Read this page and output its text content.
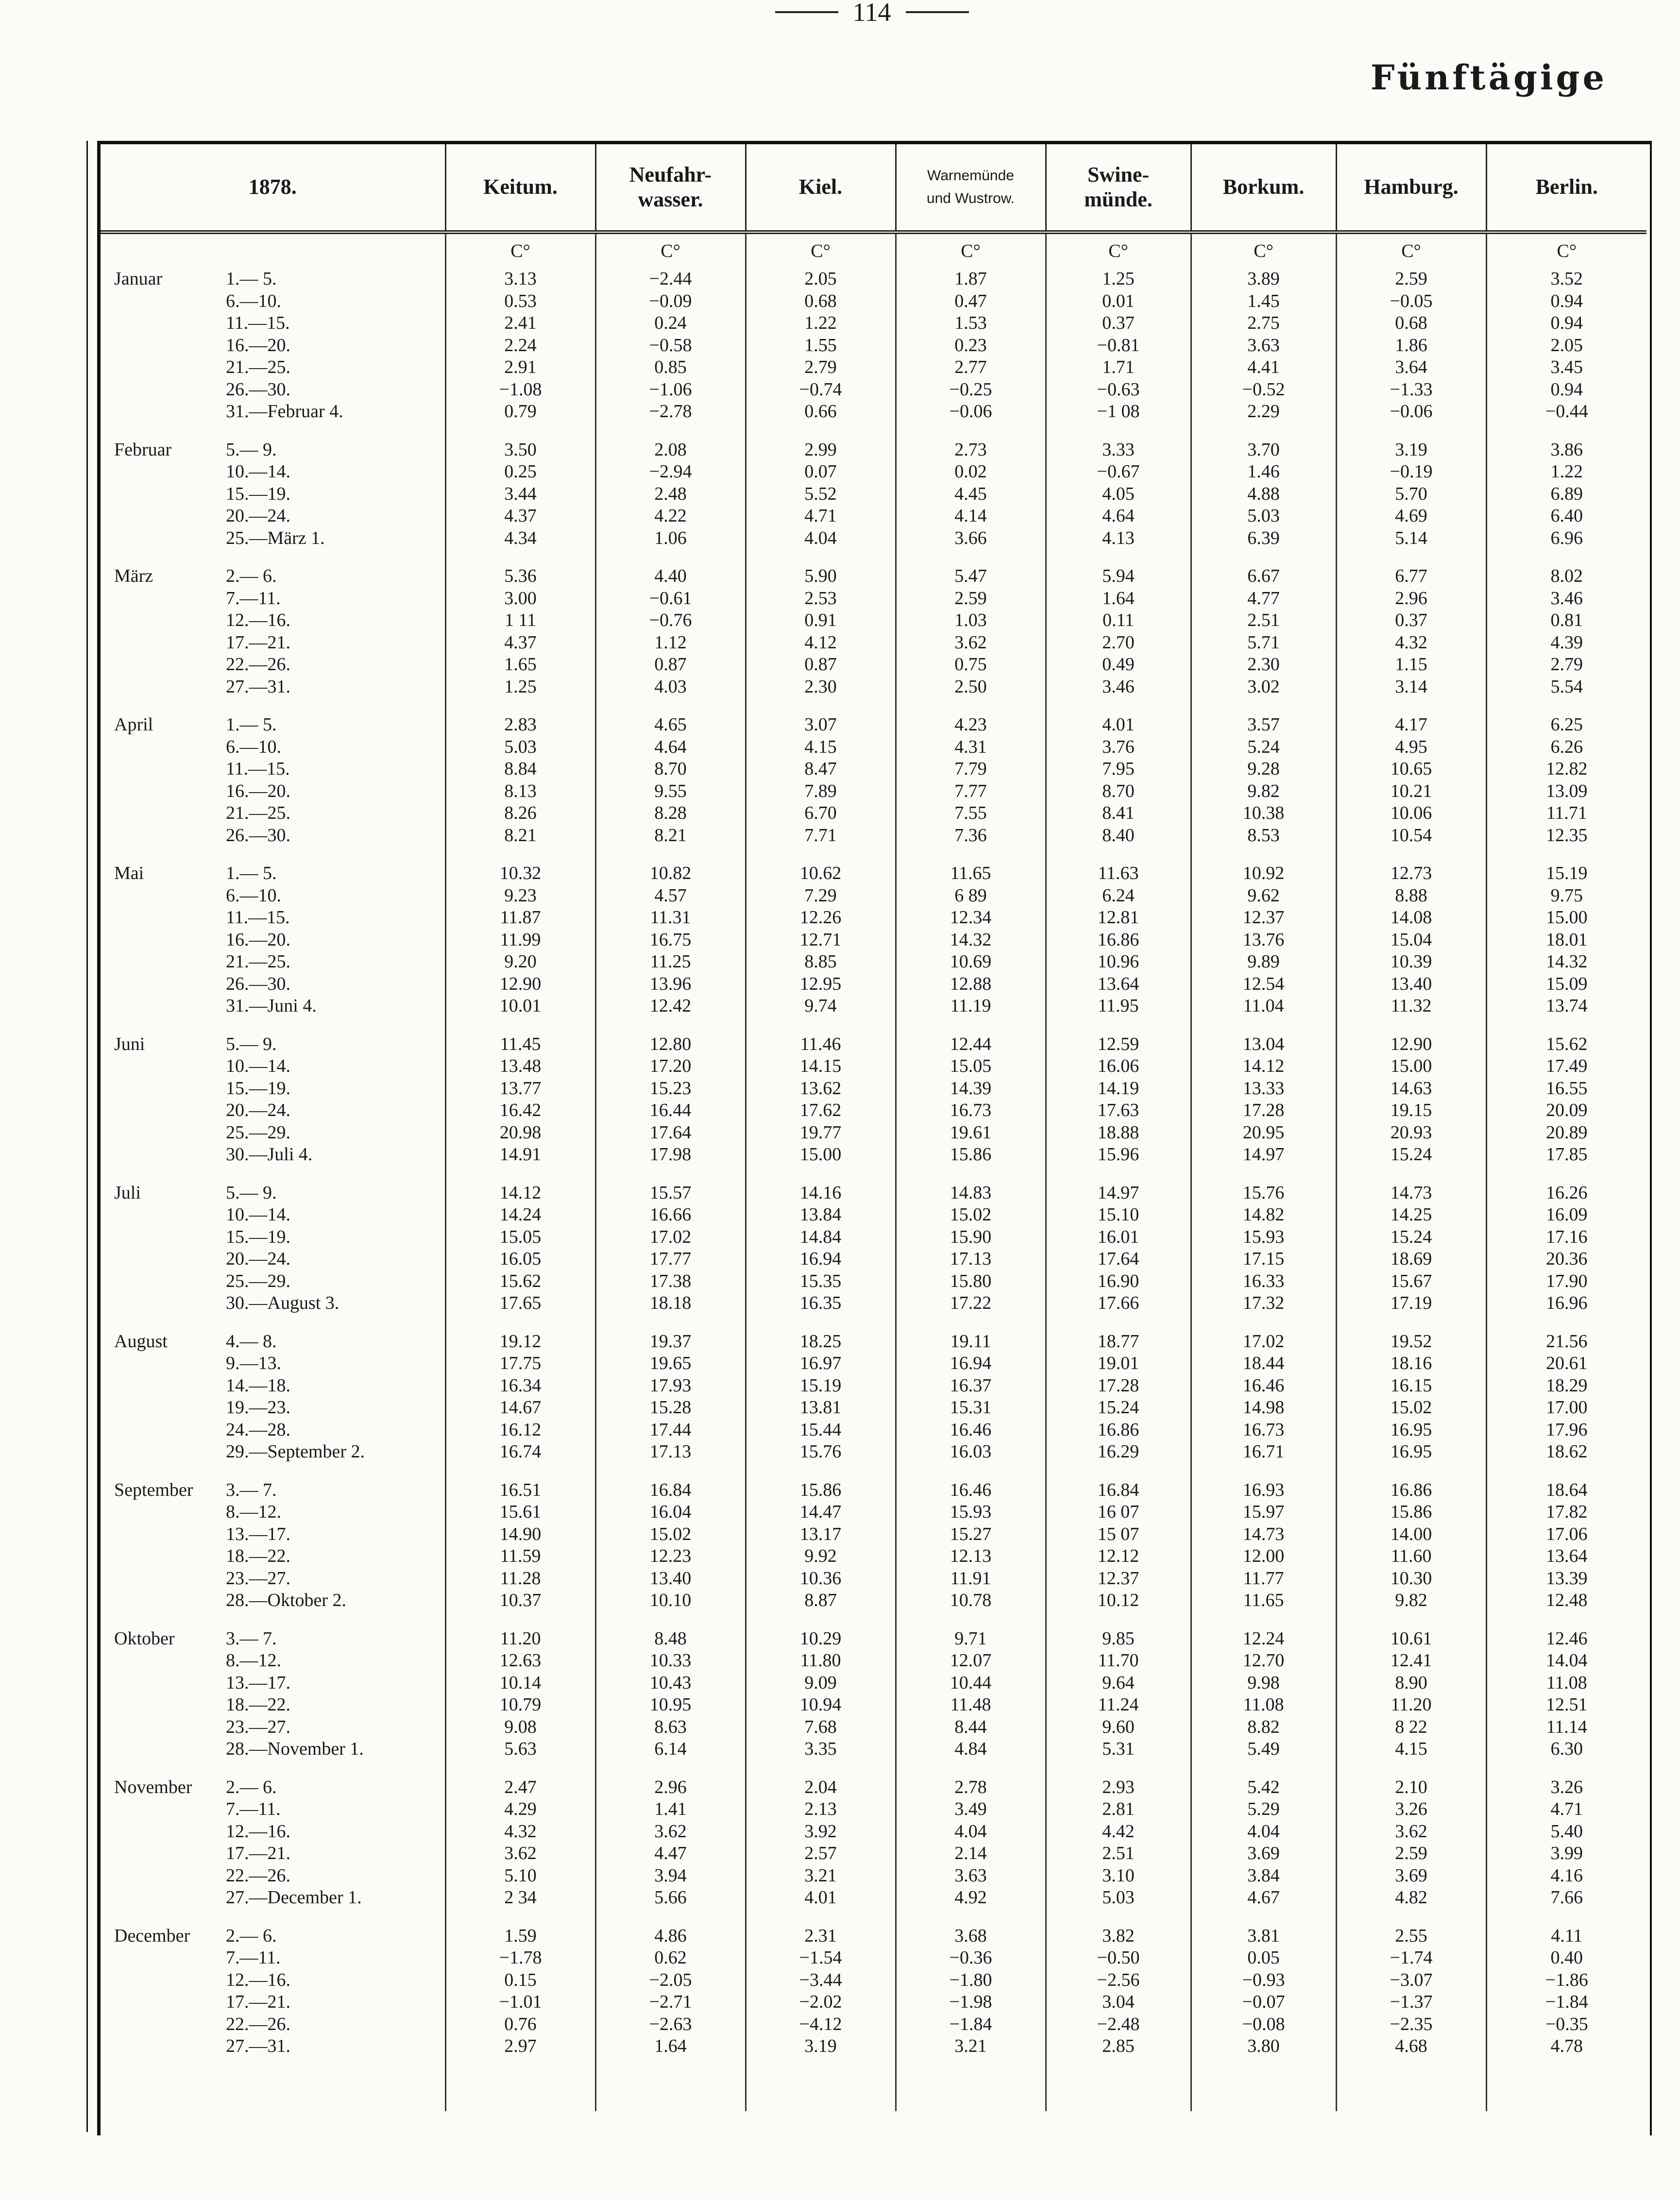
114
Fünftägige
1878.	Keitum.	Neufahr-
wasser.	Kiel.	Warnemünde
und Wustrow.	Swine-
münde.	Borkum.	Hamburg.	Berlin.
	C°	C°	C°	C°	C°	C°	C°	C°
Januar 1.— 5.	3.13	−2.44	2.05	1.87	1.25	3.89	2.59	3.52
6.—10.	0.53	−0.09	0.68	0.47	0.01	1.45	−0.05	0.94
11.—15.	2.41	0.24	1.22	1.53	0.37	2.75	0.68	0.94
16.—20.	2.24	−0.58	1.55	0.23	−0.81	3.63	1.86	2.05
21.—25.	2.91	0.85	2.79	2.77	1.71	4.41	3.64	3.45
26.—30.	−1.08	−1.06	−0.74	−0.25	−0.63	−0.52	−1.33	0.94
31.—Februar 4.	0.79	−2.78	0.66	−0.06	−1 08	2.29	−0.06	−0.44

Februar 5.— 9.	3.50	2.08	2.99	2.73	3.33	3.70	3.19	3.86
10.—14.	0.25	−2.94	0.07	0.02	−0.67	1.46	−0.19	1.22
15.—19.	3.44	2.48	5.52	4.45	4.05	4.88	5.70	6.89
20.—24.	4.37	4.22	4.71	4.14	4.64	5.03	4.69	6.40
25.—März 1.	4.34	1.06	4.04	3.66	4.13	6.39	5.14	6.96

März 2.— 6.	5.36	4.40	5.90	5.47	5.94	6.67	6.77	8.02
7.—11.	3.00	−0.61	2.53	2.59	1.64	4.77	2.96	3.46
12.—16.	1 11	−0.76	0.91	1.03	0.11	2.51	0.37	0.81
17.—21.	4.37	1.12	4.12	3.62	2.70	5.71	4.32	4.39
22.—26.	1.65	0.87	0.87	0.75	0.49	2.30	1.15	2.79
27.—31.	1.25	4.03	2.30	2.50	3.46	3.02	3.14	5.54

April 1.— 5.	2.83	4.65	3.07	4.23	4.01	3.57	4.17	6.25
6.—10.	5.03	4.64	4.15	4.31	3.76	5.24	4.95	6.26
11.—15.	8.84	8.70	8.47	7.79	7.95	9.28	10.65	12.82
16.—20.	8.13	9.55	7.89	7.77	8.70	9.82	10.21	13.09
21.—25.	8.26	8.28	6.70	7.55	8.41	10.38	10.06	11.71
26.—30.	8.21	8.21	7.71	7.36	8.40	8.53	10.54	12.35

Mai 1.— 5.	10.32	10.82	10.62	11.65	11.63	10.92	12.73	15.19
6.—10.	9.23	4.57	7.29	6 89	6.24	9.62	8.88	9.75
11.—15.	11.87	11.31	12.26	12.34	12.81	12.37	14.08	15.00
16.—20.	11.99	16.75	12.71	14.32	16.86	13.76	15.04	18.01
21.—25.	9.20	11.25	8.85	10.69	10.96	9.89	10.39	14.32
26.—30.	12.90	13.96	12.95	12.88	13.64	12.54	13.40	15.09
31.—Juni 4.	10.01	12.42	9.74	11.19	11.95	11.04	11.32	13.74

Juni 5.— 9.	11.45	12.80	11.46	12.44	12.59	13.04	12.90	15.62
10.—14.	13.48	17.20	14.15	15.05	16.06	14.12	15.00	17.49
15.—19.	13.77	15.23	13.62	14.39	14.19	13.33	14.63	16.55
20.—24.	16.42	16.44	17.62	16.73	17.63	17.28	19.15	20.09
25.—29.	20.98	17.64	19.77	19.61	18.88	20.95	20.93	20.89
30.—Juli 4.	14.91	17.98	15.00	15.86	15.96	14.97	15.24	17.85

Juli 5.— 9.	14.12	15.57	14.16	14.83	14.97	15.76	14.73	16.26
10.—14.	14.24	16.66	13.84	15.02	15.10	14.82	14.25	16.09
15.—19.	15.05	17.02	14.84	15.90	16.01	15.93	15.24	17.16
20.—24.	16.05	17.77	16.94	17.13	17.64	17.15	18.69	20.36
25.—29.	15.62	17.38	15.35	15.80	16.90	16.33	15.67	17.90
30.—August 3.	17.65	18.18	16.35	17.22	17.66	17.32	17.19	16.96

August 4.— 8.	19.12	19.37	18.25	19.11	18.77	17.02	19.52	21.56
9.—13.	17.75	19.65	16.97	16.94	19.01	18.44	18.16	20.61
14.—18.	16.34	17.93	15.19	16.37	17.28	16.46	16.15	18.29
19.—23.	14.67	15.28	13.81	15.31	15.24	14.98	15.02	17.00
24.—28.	16.12	17.44	15.44	16.46	16.86	16.73	16.95	17.96
29.—September 2.	16.74	17.13	15.76	16.03	16.29	16.71	16.95	18.62

September 3.— 7.	16.51	16.84	15.86	16.46	16.84	16.93	16.86	18.64
8.—12.	15.61	16.04	14.47	15.93	16 07	15.97	15.86	17.82
13.—17.	14.90	15.02	13.17	15.27	15 07	14.73	14.00	17.06
18.—22.	11.59	12.23	9.92	12.13	12.12	12.00	11.60	13.64
23.—27.	11.28	13.40	10.36	11.91	12.37	11.77	10.30	13.39
28.—Oktober 2.	10.37	10.10	8.87	10.78	10.12	11.65	9.82	12.48

Oktober 3.— 7.	11.20	8.48	10.29	9.71	9.85	12.24	10.61	12.46
8.—12.	12.63	10.33	11.80	12.07	11.70	12.70	12.41	14.04
13.—17.	10.14	10.43	9.09	10.44	9.64	9.98	8.90	11.08
18.—22.	10.79	10.95	10.94	11.48	11.24	11.08	11.20	12.51
23.—27.	9.08	8.63	7.68	8.44	9.60	8.82	8 22	11.14
28.—November 1.	5.63	6.14	3.35	4.84	5.31	5.49	4.15	6.30

November 2.— 6.	2.47	2.96	2.04	2.78	2.93	5.42	2.10	3.26
7.—11.	4.29	1.41	2.13	3.49	2.81	5.29	3.26	4.71
12.—16.	4.32	3.62	3.92	4.04	4.42	4.04	3.62	5.40
17.—21.	3.62	4.47	2.57	2.14	2.51	3.69	2.59	3.99
22.—26.	5.10	3.94	3.21	3.63	3.10	3.84	3.69	4.16
27.—December 1.	2 34	5.66	4.01	4.92	5.03	4.67	4.82	7.66

December 2.— 6.	1.59	4.86	2.31	3.68	3.82	3.81	2.55	4.11
7.—11.	−1.78	0.62	−1.54	−0.36	−0.50	0.05	−1.74	0.40
12.—16.	0.15	−2.05	−3.44	−1.80	−2.56	−0.93	−3.07	−1.86
17.—21.	−1.01	−2.71	−2.02	−1.98	3.04	−0.07	−1.37	−1.84
22.—26.	0.76	−2.63	−4.12	−1.84	−2.48	−0.08	−2.35	−0.35
27.—31.	2.97	1.64	3.19	3.21	2.85	3.80	4.68	4.78
